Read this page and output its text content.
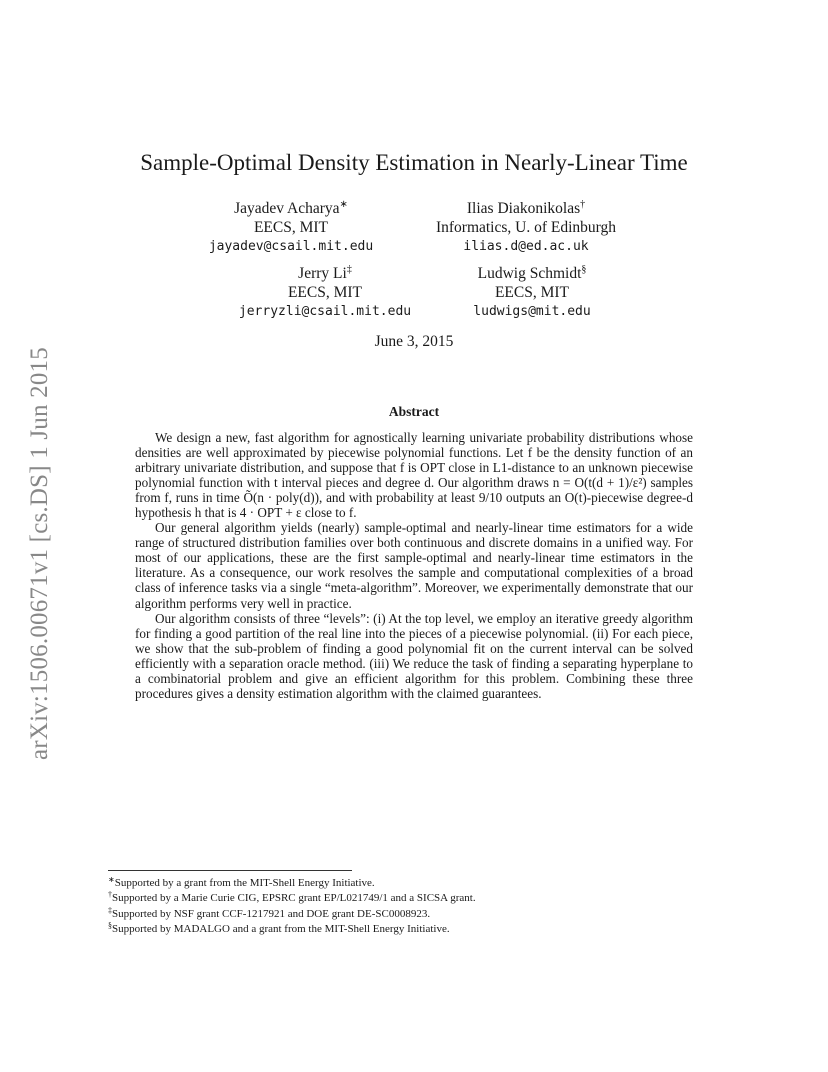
arXiv:1506.00671v1 [cs.DS] 1 Jun 2015
Sample-Optimal Density Estimation in Nearly-Linear Time
Jayadev Acharya∗
EECS, MIT
jayadev@csail.mit.edu
Ilias Diakonikolas†
Informatics, U. of Edinburgh
ilias.d@ed.ac.uk
Jerry Li‡
EECS, MIT
jerryzli@csail.mit.edu
Ludwig Schmidt§
EECS, MIT
ludwigs@mit.edu
June 3, 2015
Abstract

We design a new, fast algorithm for agnostically learning univariate probability distributions whose densities are well approximated by piecewise polynomial functions. Let f be the density function of an arbitrary univariate distribution, and suppose that f is OPT close in L1-distance to an unknown piecewise polynomial function with t interval pieces and degree d. Our algorithm draws n = O(t(d + 1)/ε²) samples from f, runs in time Õ(n · poly(d)), and with probability at least 9/10 outputs an O(t)-piecewise degree-d hypothesis h that is 4 · OPT + ε close to f.

Our general algorithm yields (nearly) sample-optimal and nearly-linear time estimators for a wide range of structured distribution families over both continuous and discrete domains in a unified way. For most of our applications, these are the first sample-optimal and nearly-linear time estimators in the literature. As a consequence, our work resolves the sample and computational complexities of a broad class of inference tasks via a single “meta-algorithm”. Moreover, we experimentally demonstrate that our algorithm performs very well in practice.

Our algorithm consists of three “levels”: (i) At the top level, we employ an iterative greedy algorithm for finding a good partition of the real line into the pieces of a piecewise polynomial. (ii) For each piece, we show that the sub-problem of finding a good polynomial fit on the current interval can be solved efficiently with a separation oracle method. (iii) We reduce the task of finding a separating hyperplane to a combinatorial problem and give an efficient algorithm for this problem. Combining these three procedures gives a density estimation algorithm with the claimed guarantees.

∗Supported by a grant from the MIT-Shell Energy Initiative.
†Supported by a Marie Curie CIG, EPSRC grant EP/L021749/1 and a SICSA grant.
‡Supported by NSF grant CCF-1217921 and DOE grant DE-SC0008923.
§Supported by MADALGO and a grant from the MIT-Shell Energy Initiative.
